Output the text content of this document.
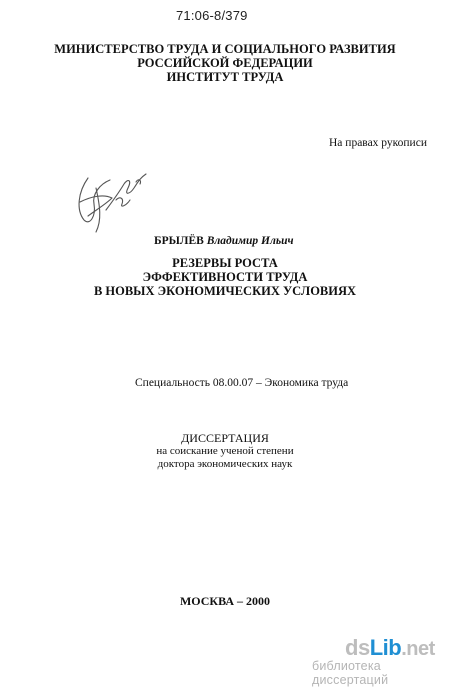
71:06-8/379
МИНИСТЕРСТВО ТРУДА И СОЦИАЛЬНОГО РАЗВИТИЯ
РОССИЙСКОЙ ФЕДЕРАЦИИ
ИНСТИТУТ ТРУДА
На правах рукописи
БРЫЛЁВ Владимир Ильич
РЕЗЕРВЫ РОСТА
ЭФФЕКТИВНОСТИ ТРУДА
В НОВЫХ ЭКОНОМИЧЕСКИХ УСЛОВИЯХ
Специальность 08.00.07 – Экономика труда
ДИССЕРТАЦИЯ
на соискание ученой степени
доктора экономических наук
МОСКВА – 2000
dsLib.net
библиотека диссертаций
